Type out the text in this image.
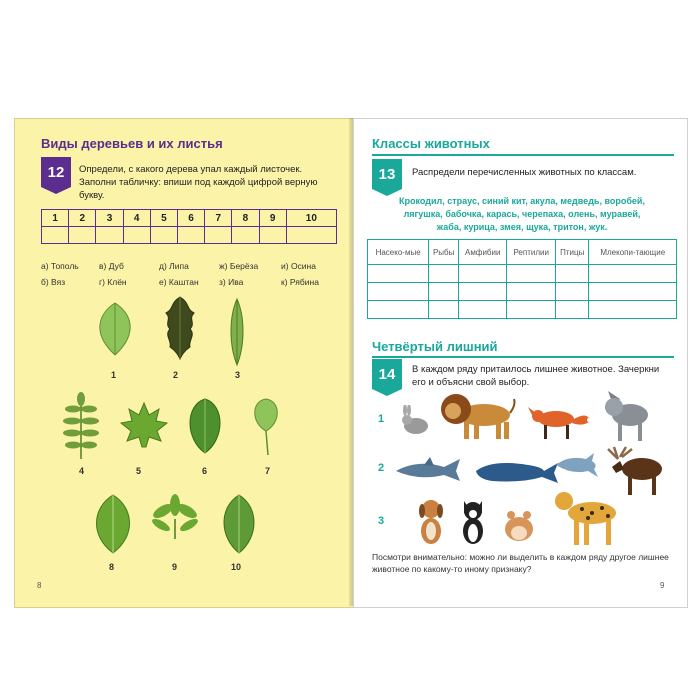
Виды деревьев и их листья
12	Определи, с какого дерева упал каждый листочек. Заполни табличку: впиши под каждой цифрой верную букву.
1	2	3	4	5	6	7	8	9	10

а) Тополь в) Дуб	д) Липа	ж) Берёза	и) Осина
б) Вяз	г) Клён	е) Каштан з) Ива	к) Рябина
1	2	3
4	5	6	7
8	9	10
8
Классы животных
13	Распредели перечисленных животных по классам.
Крокодил, страус, синий кит, акула, медведь, воробей,
лягушка, бабочка, карась, черепаха, олень, муравей,
жаба, курица, змея, щука, тритон, жук.
Насеко-мые	Рыбы	Амфибии	Рептилии	Птицы	Млекопи-тающие

Четвёртый лишний
14	В каждом ряду притаилось лишнее животное. Зачеркни его и объясни свой выбор.
1
2
3
Посмотри внимательно: можно ли выделить в каждом ряду другое лишнее животное по какому-то иному признаку?
9
